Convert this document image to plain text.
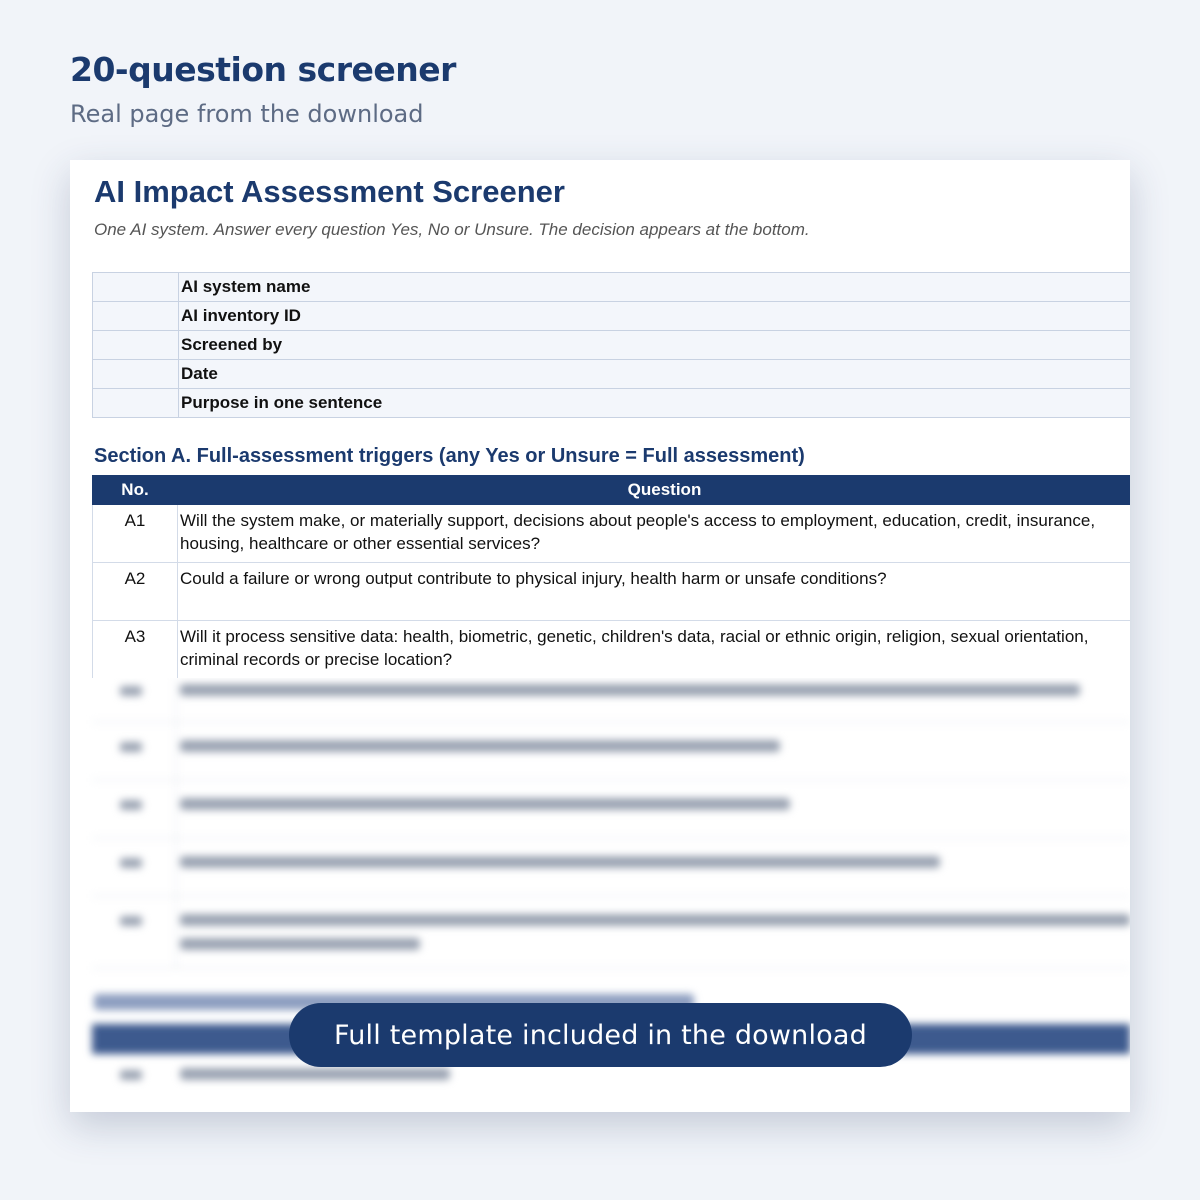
20-question screener
Real page from the download
AI Impact Assessment Screener
One AI system. Answer every question Yes, No or Unsure. The decision appears at the bottom.
	AI system name
	AI inventory ID
	Screened by
	Date
	Purpose in one sentence
Section A. Full-assessment triggers (any Yes or Unsure = Full assessment)
No.	Question
A1	Will the system make, or materially support, decisions about people's access to employment, education, credit, insurance,
housing, healthcare or other essential services?

A2	Could a failure or wrong output contribute to physical injury, health harm or unsafe conditions?

A3	Will it process sensitive data: health, biometric, genetic, children's data, racial or ethnic origin, religion, sexual orientation,
criminal records or precise location?
Full template included in the download
